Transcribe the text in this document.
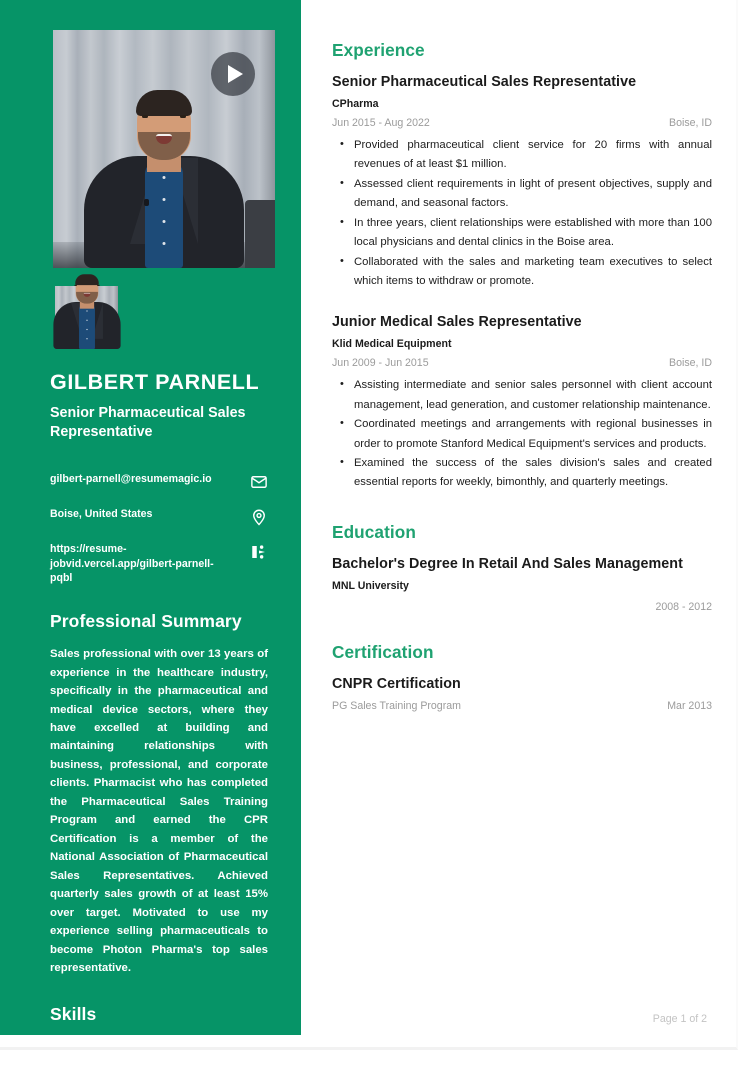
GILBERT PARNELL
Senior Pharmaceutical Sales Representative
gilbert-parnell@resumemagic.io
Boise, United States
https://resume-jobvid.vercel.app/gilbert-parnell-pqbl
Professional Summary
Sales professional with over 13 years of experience in the healthcare industry, specifically in the pharmaceutical and medical device sectors, where they have excelled at building and maintaining relationships with business, professional, and corporate clients. Pharmacist who has completed the Pharmaceutical Sales Training Program and earned the CPR Certification is a member of the National Association of Pharmaceutical Sales Representatives. Achieved quarterly sales growth of at least 15% over target. Motivated to use my experience selling pharmaceuticals to become Photon Pharma's top sales representative.
Skills
• Lead Generation
• Closing Deals
Experience
Senior Pharmaceutical Sales Representative
CPharma
Jun 2015 - Aug 2022	Boise, ID
• Provided pharmaceutical client service for 20 firms with annual revenues of at least $1 million.
• Assessed client requirements in light of present objectives, supply and demand, and seasonal factors.
• In three years, client relationships were established with more than 100 local physicians and dental clinics in the Boise area.
• Collaborated with the sales and marketing team executives to select which items to withdraw or promote.
Junior Medical Sales Representative
Klid Medical Equipment
Jun 2009 - Jun 2015	Boise, ID
• Assisting intermediate and senior sales personnel with client account management, lead generation, and customer relationship maintenance.
• Coordinated meetings and arrangements with regional businesses in order to promote Stanford Medical Equipment's services and products.
• Examined the success of the sales division's sales and created essential reports for weekly, bimonthly, and quarterly meetings.
Education
Bachelor's Degree In Retail And Sales Management
MNL University
2008 - 2012
Certification
CNPR Certification
PG Sales Training Program	Mar 2013
Page 1 of 2
